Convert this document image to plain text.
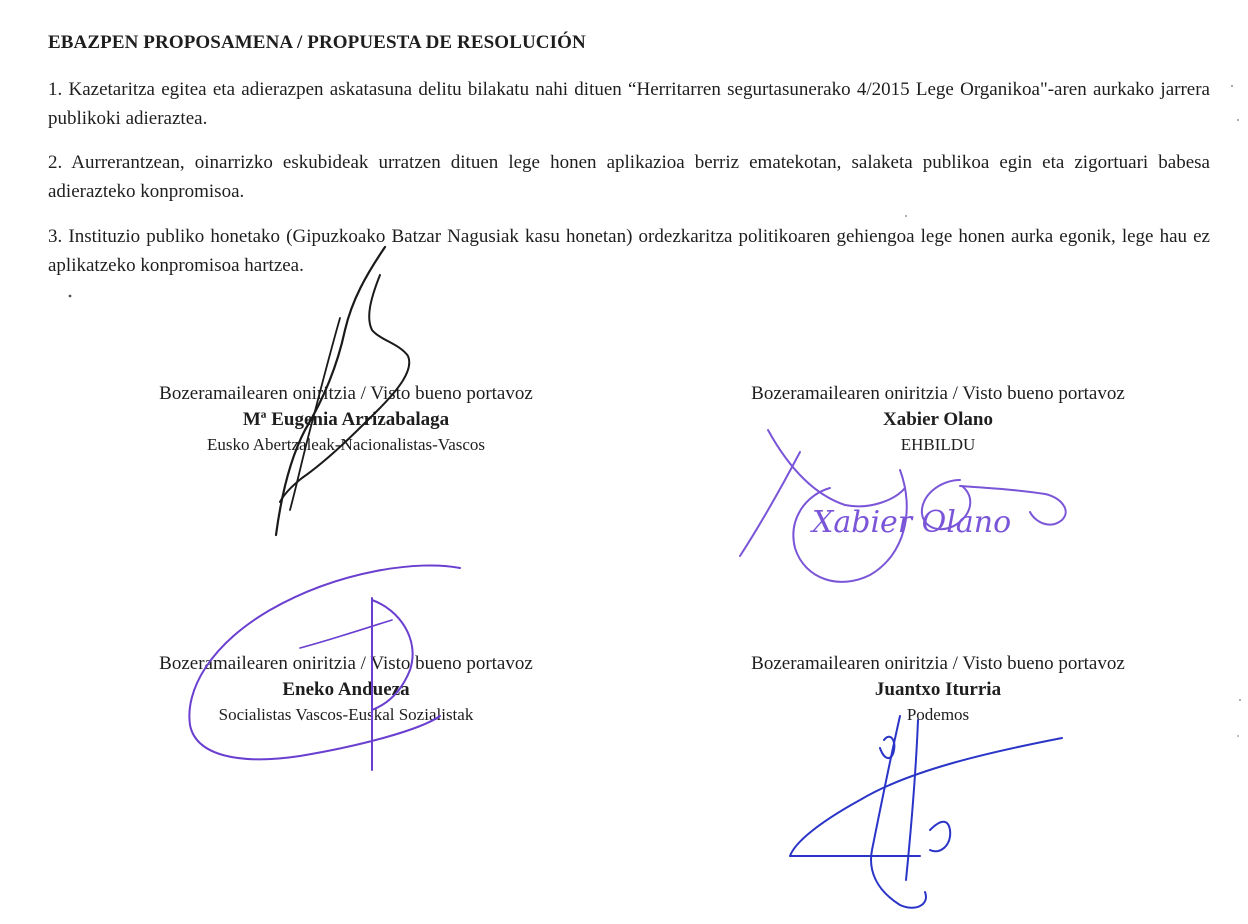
EBAZPEN PROPOSAMENA / PROPUESTA DE RESOLUCIÓN
1. Kazetaritza egitea eta adierazpen askatasuna delitu bilakatu nahi dituen “Herritarren segurtasunerako 4/2015 Lege Organikoa"-aren aurkako jarrera publikoki adieraztea.
2. Aurrerantzean, oinarrizko eskubideak urratzen dituen lege honen aplikazioa berriz ematekotan, salaketa publikoa egin eta zigortuari babesa adierazteko konpromisoa.
3. Instituzio publiko honetako (Gipuzkoako Batzar Nagusiak kasu honetan) ordezkaritza politikoaren gehiengoa lege honen aurka egonik, lege hau ez aplikatzeko konpromisoa hartzea.
Bozeramailearen oniritzia / Visto bueno portavoz
Mª Eugenia Arrizabalaga
Eusko Abertzaleak-Nacionalistas-Vascos
Bozeramailearen oniritzia / Visto bueno portavoz
Xabier Olano
EHBILDU
Bozeramailearen oniritzia / Visto bueno portavoz
Eneko Andueza
Socialistas Vascos-Euskal Sozialistak
Bozeramailearen oniritzia / Visto bueno portavoz
Juantxo Iturria
Podemos
Xabier Olano
